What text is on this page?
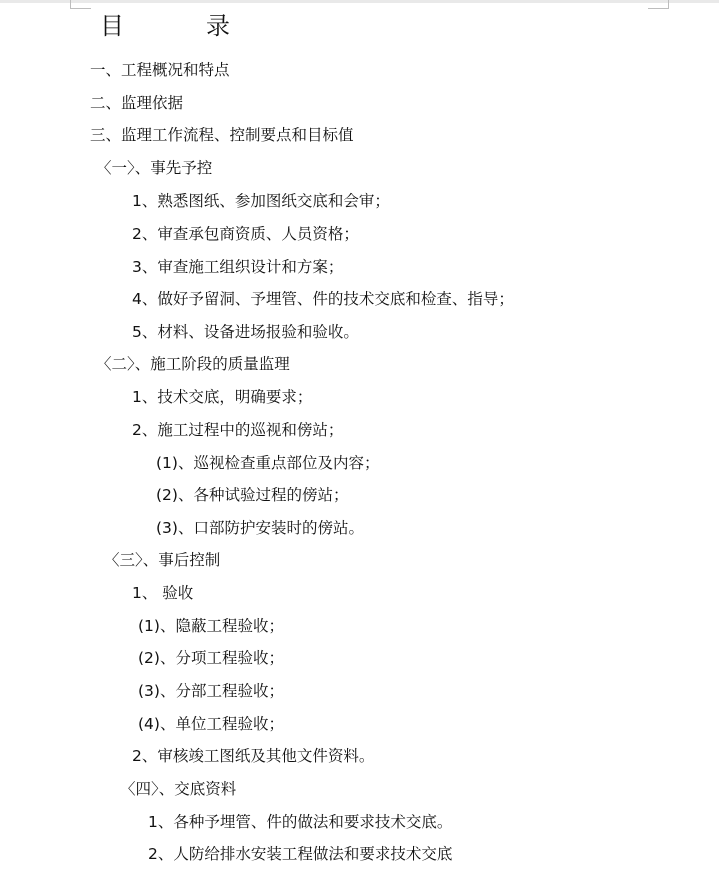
目	录
一、工程概况和特点
二、监理依据
三、监理工作流程、控制要点和目标值
〈一〉、事先予控
1、熟悉图纸、参加图纸交底和会审；
2、审查承包商资质、人员资格；
3、审查施工组织设计和方案；
4、做好予留洞、予埋管、件的技术交底和检查、指导；
5、材料、设备进场报验和验收。
〈二〉、施工阶段的质量监理
1、技术交底，明确要求；
2、施工过程中的巡视和傍站；
(1)、巡视检查重点部位及内容；
(2)、各种试验过程的傍站；
(3)、口部防护安装时的傍站。
〈三〉、事后控制
1、 验收
(1)、隐蔽工程验收；
(2)、分项工程验收；
(3)、分部工程验收；
(4)、单位工程验收；
2、审核竣工图纸及其他文件资料。
〈四〉、交底资料
1、各种予埋管、件的做法和要求技术交底。
2、人防给排水安装工程做法和要求技术交底
